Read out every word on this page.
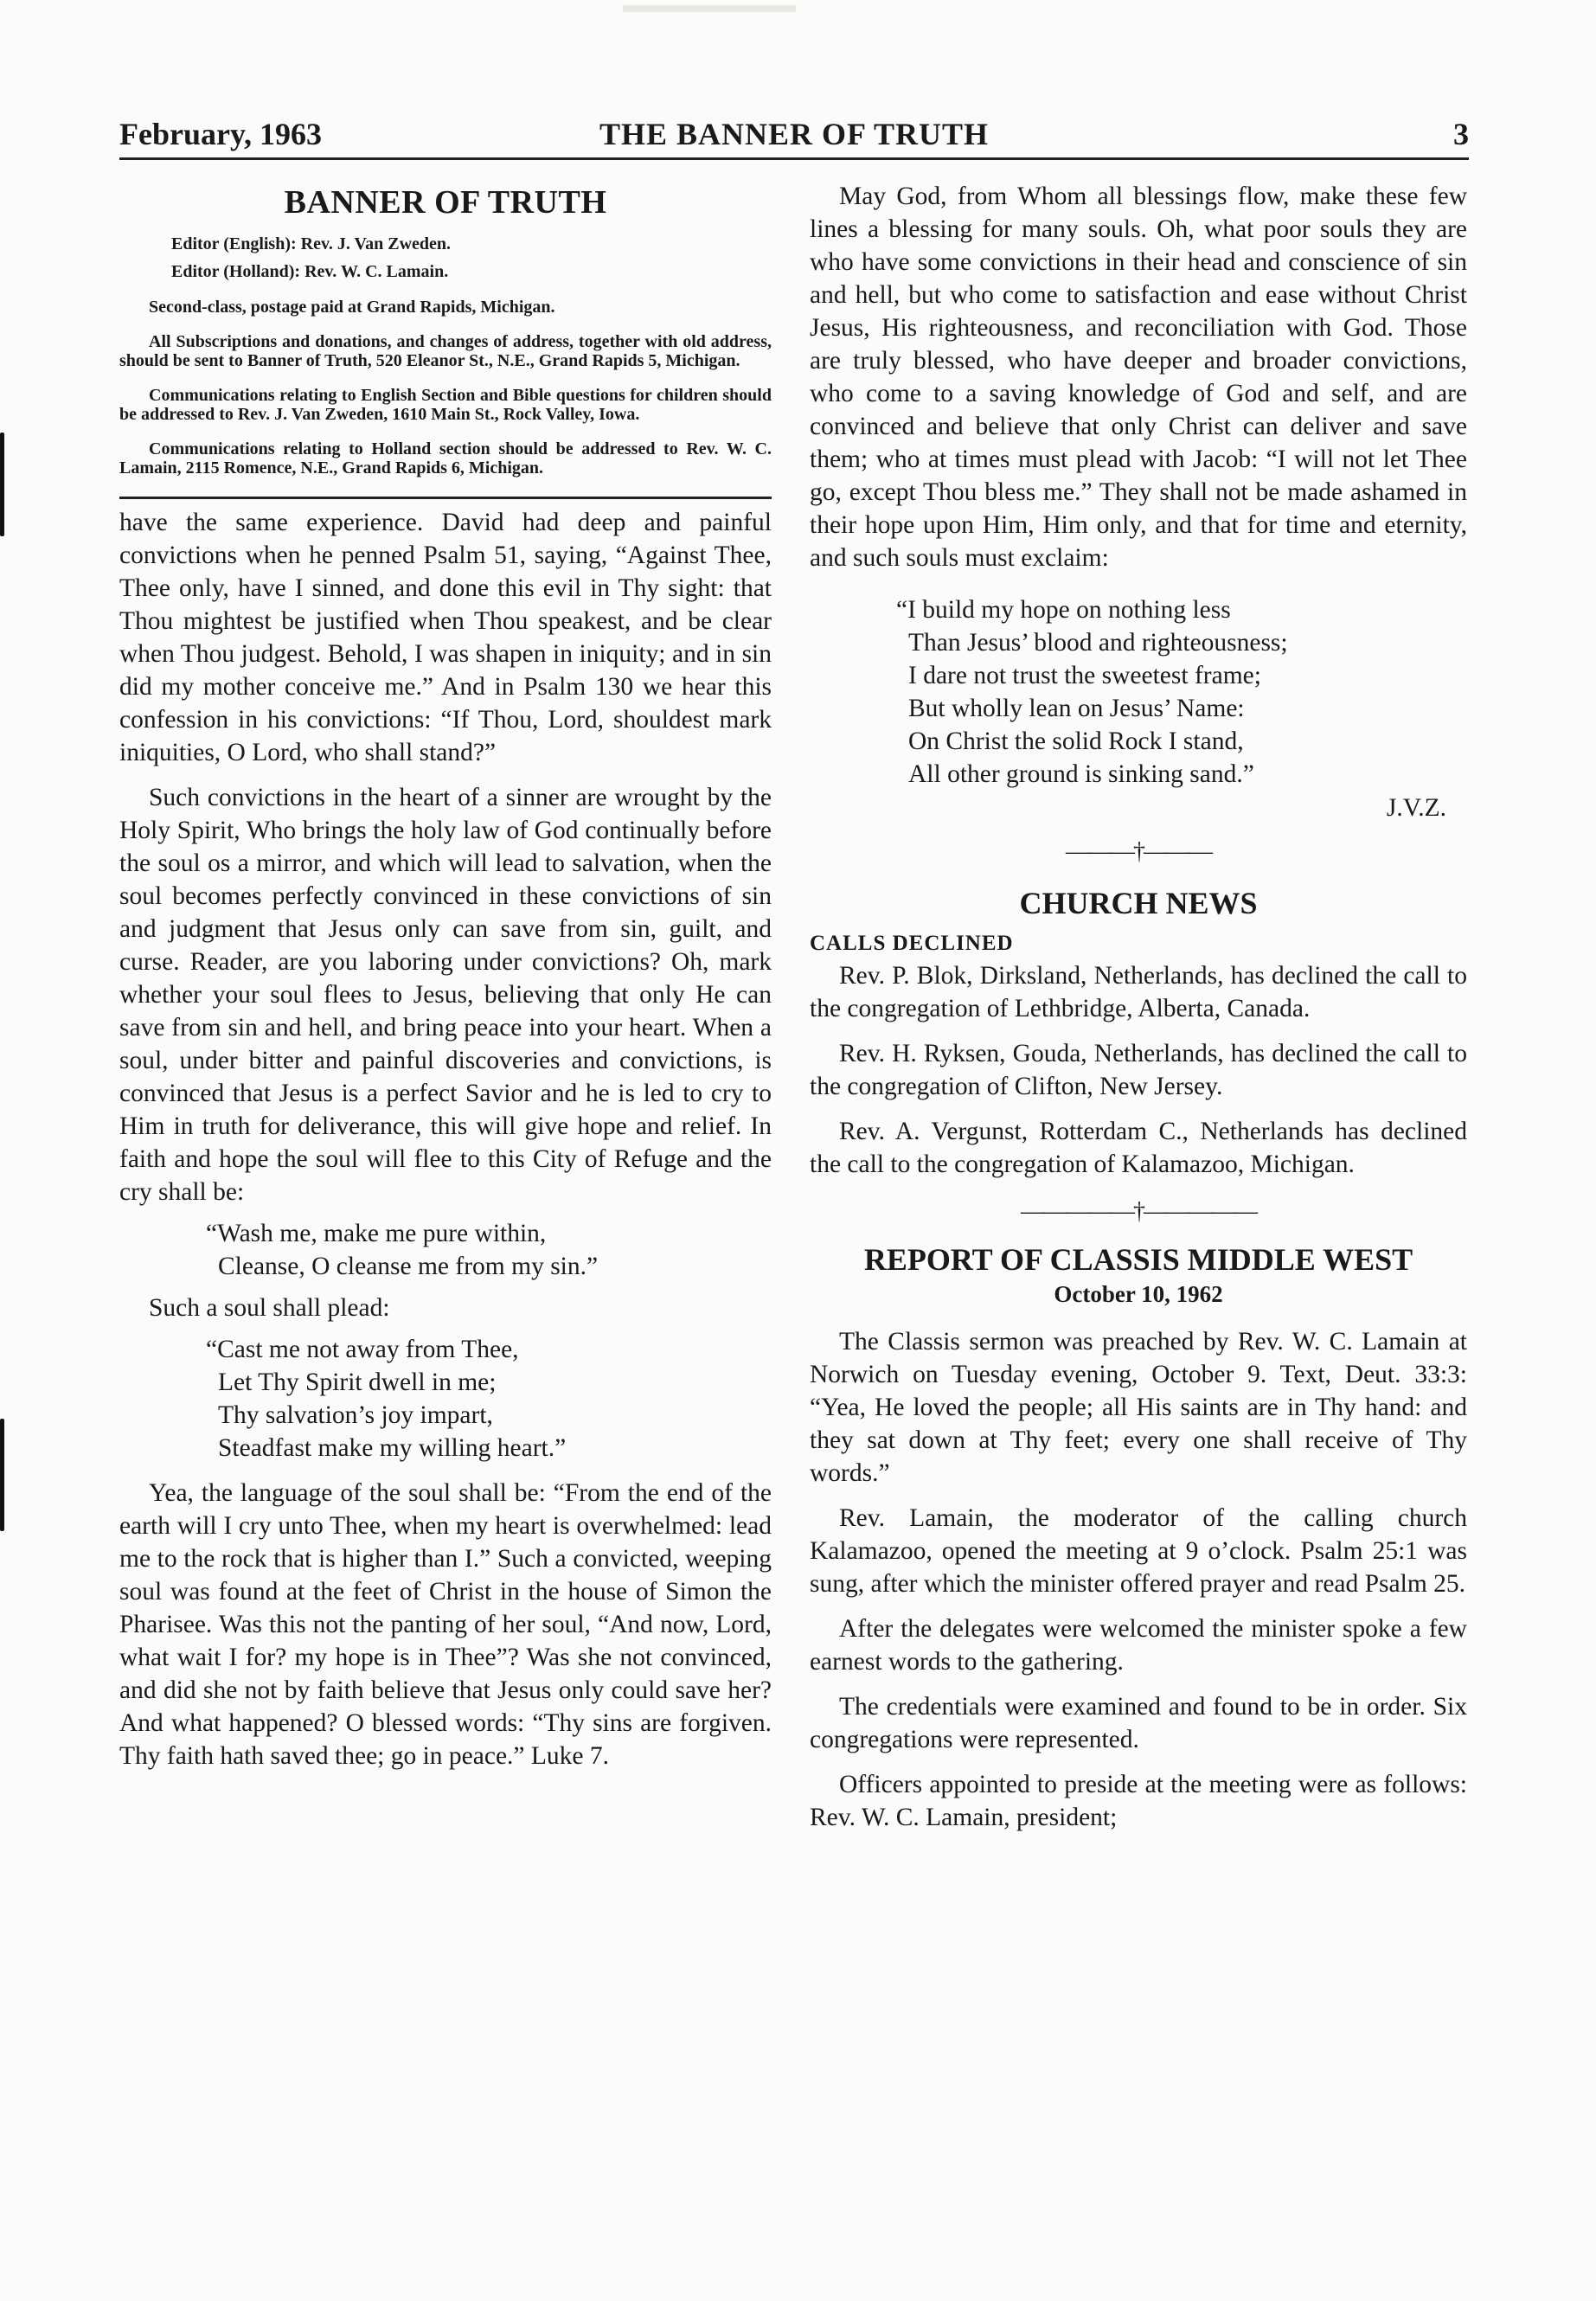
February, 1963	THE BANNER OF TRUTH	3
BANNER OF TRUTH
Editor (English): Rev. J. Van Zweden.
Editor (Holland): Rev. W. C. Lamain.
Second-class, postage paid at Grand Rapids, Michigan.
All Subscriptions and donations, and changes of address, together with old address, should be sent to Banner of Truth, 520 Eleanor St., N.E., Grand Rapids 5, Michigan.
Communications relating to English Section and Bible questions for children should be addressed to Rev. J. Van Zweden, 1610 Main St., Rock Valley, Iowa.
Communications relating to Holland section should be addressed to Rev. W. C. Lamain, 2115 Romence, N.E., Grand Rapids 6, Michigan.

have the same experience. David had deep and painful convictions when he penned Psalm 51, saying, “Against Thee, Thee only, have I sinned, and done this evil in Thy sight: that Thou mightest be justified when Thou speakest, and be clear when Thou judgest. Behold, I was shapen in iniquity; and in sin did my mother conceive me.” And in Psalm 130 we hear this confession in his convictions: “If Thou, Lord, shouldest mark iniquities, O Lord, who shall stand?”

Such convictions in the heart of a sinner are wrought by the Holy Spirit, Who brings the holy law of God continually before the soul os a mirror, and which will lead to salvation, when the soul becomes perfectly convinced in these convictions of sin and judgment that Jesus only can save from sin, guilt, and curse. Reader, are you laboring under convictions? Oh, mark whether your soul flees to Jesus, believing that only He can save from sin and hell, and bring peace into your heart. When a soul, under bitter and painful discoveries and convictions, is convinced that Jesus is a perfect Savior and he is led to cry to Him in truth for deliverance, this will give hope and relief. In faith and hope the soul will flee to this City of Refuge and the cry shall be:

“Wash me, make me pure within,
Cleanse, O cleanse me from my sin.”

Such a soul shall plead:

“Cast me not away from Thee,
Let Thy Spirit dwell in me;
Thy salvation’s joy impart,
Steadfast make my willing heart.”

Yea, the language of the soul shall be: “From the end of the earth will I cry unto Thee, when my heart is overwhelmed: lead me to the rock that is higher than I.” Such a convicted, weeping soul was found at the feet of Christ in the house of Simon the Pharisee. Was this not the panting of her soul, “And now, Lord, what wait I for? my hope is in Thee”? Was she not convinced, and did she not by faith believe that Jesus only could save her? And what happened? O blessed words: “Thy sins are forgiven. Thy faith hath saved thee; go in peace.” Luke 7.

May God, from Whom all blessings flow, make these few lines a blessing for many souls. Oh, what poor souls they are who have some convictions in their head and conscience of sin and hell, but who come to satisfaction and ease without Christ Jesus, His righteousness, and reconciliation with God. Those are truly blessed, who have deeper and broader convictions, who come to a saving knowledge of God and self, and are convinced and believe that only Christ can deliver and save them; who at times must plead with Jacob: “I will not let Thee go, except Thou bless me.” They shall not be made ashamed in their hope upon Him, Him only, and that for time and eternity, and such souls must exclaim:

“I build my hope on nothing less
Than Jesus’ blood and righteousness;
I dare not trust the sweetest frame;
But wholly lean on Jesus’ Name:
On Christ the solid Rock I stand,
All other ground is sinking sand.”
J.V.Z.
———†———
CHURCH NEWS
CALLS DECLINED

Rev. P. Blok, Dirksland, Netherlands, has declined the call to the congregation of Lethbridge, Alberta, Canada.

Rev. H. Ryksen, Gouda, Netherlands, has declined the call to the congregation of Clifton, New Jersey.

Rev. A. Vergunst, Rotterdam C., Netherlands has declined the call to the congregation of Kalamazoo, Michigan.

—————†—————
REPORT OF CLASSIS MIDDLE WEST
October 10, 1962

The Classis sermon was preached by Rev. W. C. Lamain at Norwich on Tuesday evening, October 9. Text, Deut. 33:3: “Yea, He loved the people; all His saints are in Thy hand: and they sat down at Thy feet; every one shall receive of Thy words.”

Rev. Lamain, the moderator of the calling church Kalamazoo, opened the meeting at 9 o’clock. Psalm 25:1 was sung, after which the minister offered prayer and read Psalm 25.

After the delegates were welcomed the minister spoke a few earnest words to the gathering.

The credentials were examined and found to be in order. Six congregations were represented.

Officers appointed to preside at the meeting were as follows: Rev. W. C. Lamain, president;
